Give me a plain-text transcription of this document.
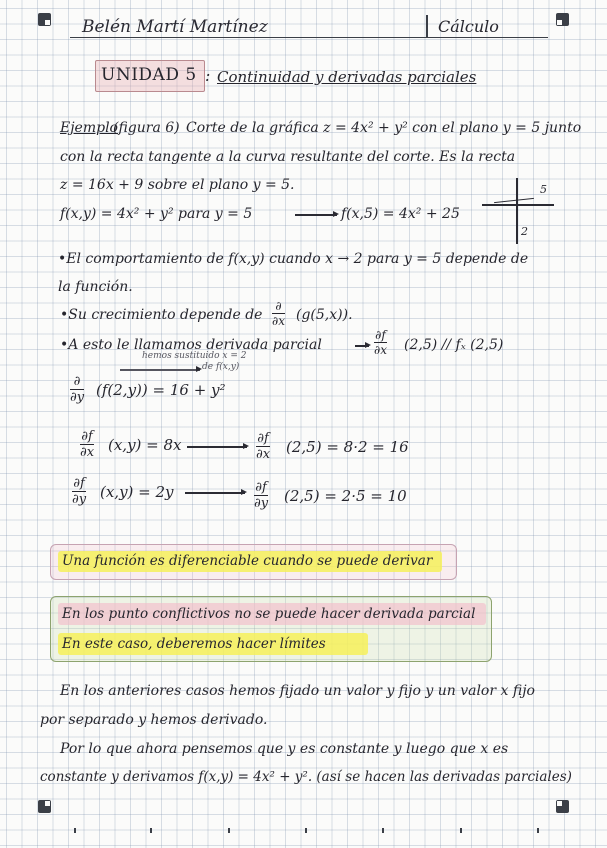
Belén Martí Martínez	Cálculo
UNIDAD 5 : Continuidad y derivadas parciales
Ejemplo
(figura 6) Corte de la gráfica z = 4x² + y² con el plano y = 5 junto
con la recta tangente a la curva resultante del corte. Es la recta
z = 16x + 9 sobre el plano y = 5.
f(x,y) = 4x² + y² para y = 5	f(x,5) = 4x² + 25
5
2
•El comportamiento de f(x,y) cuando x → 2 para y = 5 depende de
la función.
•Su crecimiento depende de
∂
∂x (g(5,x)).
•A esto le llamamos derivada parcial	$\frac{\partial f}{\partial x} (2,5)$ // fₓ (2,5)
hemos sustituido x = 2
de f(x,y)
∂
∂y (f(2,y)) = 16 + y²
$\frac{\partial f}{\partial x} (x,y) = 8x$	$\frac{\partial f}{\partial x} (2,5) = 8\cdot 2 = 16$
$\frac{\partial f}{\partial y} (x,y) = 2y$	$\frac{\partial f}{\partial y} (2,5) = 2\cdot 5 = 10$
Una función es diferenciable cuando se puede derivar
En los punto conflictivos no se puede hacer derivada parcial
En este caso, deberemos hacer límites
En los anteriores casos hemos fijado un valor y fijo y un valor x fijo
por separado y hemos derivado.
Por lo que ahora pensemos que y es constante y luego que x es
constante y derivamos f(x,y) = 4x² + y². (así se hacen las derivadas parciales)
